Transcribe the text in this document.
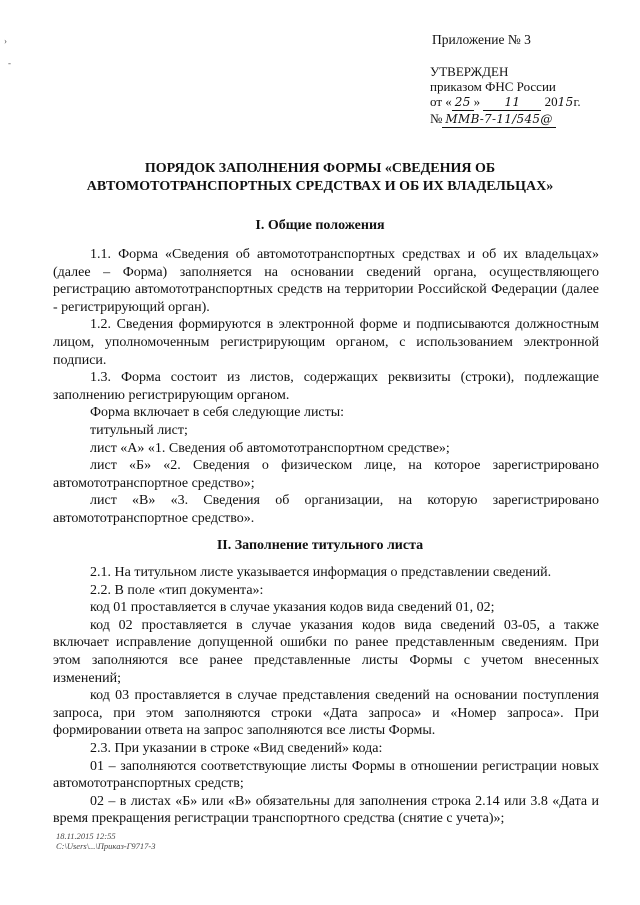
›
-
Приложение № 3
УТВЕРЖДЕН
приказом ФНС России
от « 25 » 11 2015г.
№ ММВ-7-11/545@
ПОРЯДОК ЗАПОЛНЕНИЯ ФОРМЫ «СВЕДЕНИЯ ОБ
АВТОМОТОТРАНСПОРТНЫХ СРЕДСТВАХ И ОБ ИХ ВЛАДЕЛЬЦАХ»
I. Общие положения

1.1. Форма «Сведения об автомототранспортных средствах и об их владельцах» (далее – Форма) заполняется на основании сведений органа, осуществляющего регистрацию автомототранспортных средств на территории Российской Федерации (далее - регистрирующий орган).

1.2. Сведения формируются в электронной форме и подписываются должностным лицом, уполномоченным регистрирующим органом, с использованием электронной подписи.

1.3. Форма состоит из листов, содержащих реквизиты (строки), подлежащие заполнению регистрирующим органом.

Форма включает в себя следующие листы:

титульный лист;

лист «А» «1. Сведения об автомототранспортном средстве»;

лист «Б» «2. Сведения о физическом лице, на которое зарегистрировано автомототранспортное средство»;

лист «В» «3. Сведения об организации, на которую зарегистрировано автомототранспортное средство».

II. Заполнение титульного листа

2.1. На титульном листе указывается информация о представлении сведений.

2.2. В поле «тип документа»:

код 01 проставляется в случае указания кодов вида сведений 01, 02;

код 02 проставляется в случае указания кодов вида сведений 03-05, а также включает исправление допущенной ошибки по ранее представленным сведениям. При этом заполняются все ранее представленные листы Формы с учетом внесенных изменений;

код 03 проставляется в случае представления сведений на основании поступления запроса, при этом заполняются строки «Дата запроса» и «Номер запроса». При формировании ответа на запрос заполняются все листы Формы.

2.3. При указании в строке «Вид сведений» кода:

01 – заполняются соответствующие листы Формы в отношении регистрации новых автомототранспортных средств;

02 – в листах «Б» или «В» обязательны для заполнения строка 2.14 или 3.8 «Дата и время прекращения регистрации транспортного средства (снятие с учета)»;

18.11.2015 12:55
C:\Users\...\Приказ-Г9717-3
